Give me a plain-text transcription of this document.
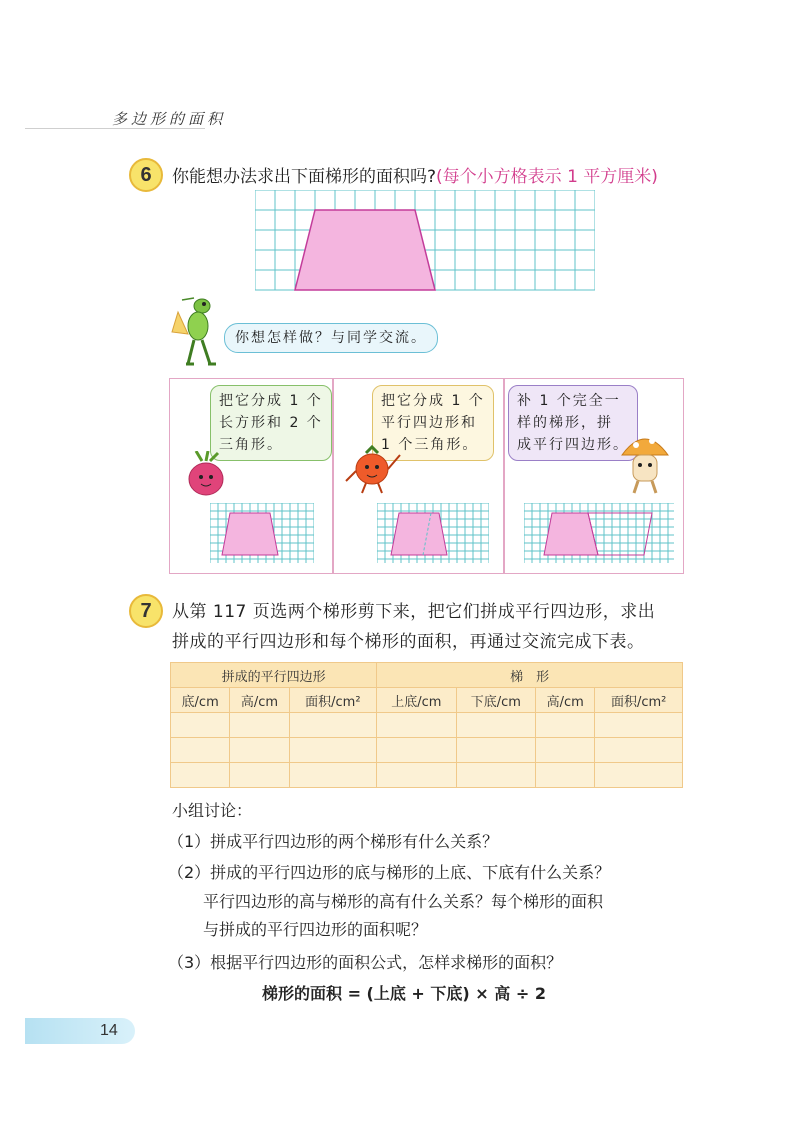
多边形的面积
6 你能想办法求出下面梯形的面积吗?(每个小方格表示 1 平方厘米)
你想怎样做？与同学交流。
把它分成 1 个
长方形和 2 个
三角形。
把它分成 1 个
平行四边形和
1 个三角形。
补 1 个完全一
样的梯形，拼
成平行四边形。
7 从第 117 页选两个梯形剪下来，把它们拼成平行四边形，求出
拼成的平行四边形和每个梯形的面积，再通过交流完成下表。
拼成的平行四边形			梯　形			
底/cm	高/cm	面积/cm²	上底/cm	下底/cm	高/cm	面积/cm²

小组讨论：
（1）拼成平行四边形的两个梯形有什么关系？
（2）拼成的平行四边形的底与梯形的上底、下底有什么关系？
平行四边形的高与梯形的高有什么关系？每个梯形的面积
与拼成的平行四边形的面积呢？
（3）根据平行四边形的面积公式，怎样求梯形的面积？
梯形的面积 = (上底 + 下底) × 高 ÷ 2
14
